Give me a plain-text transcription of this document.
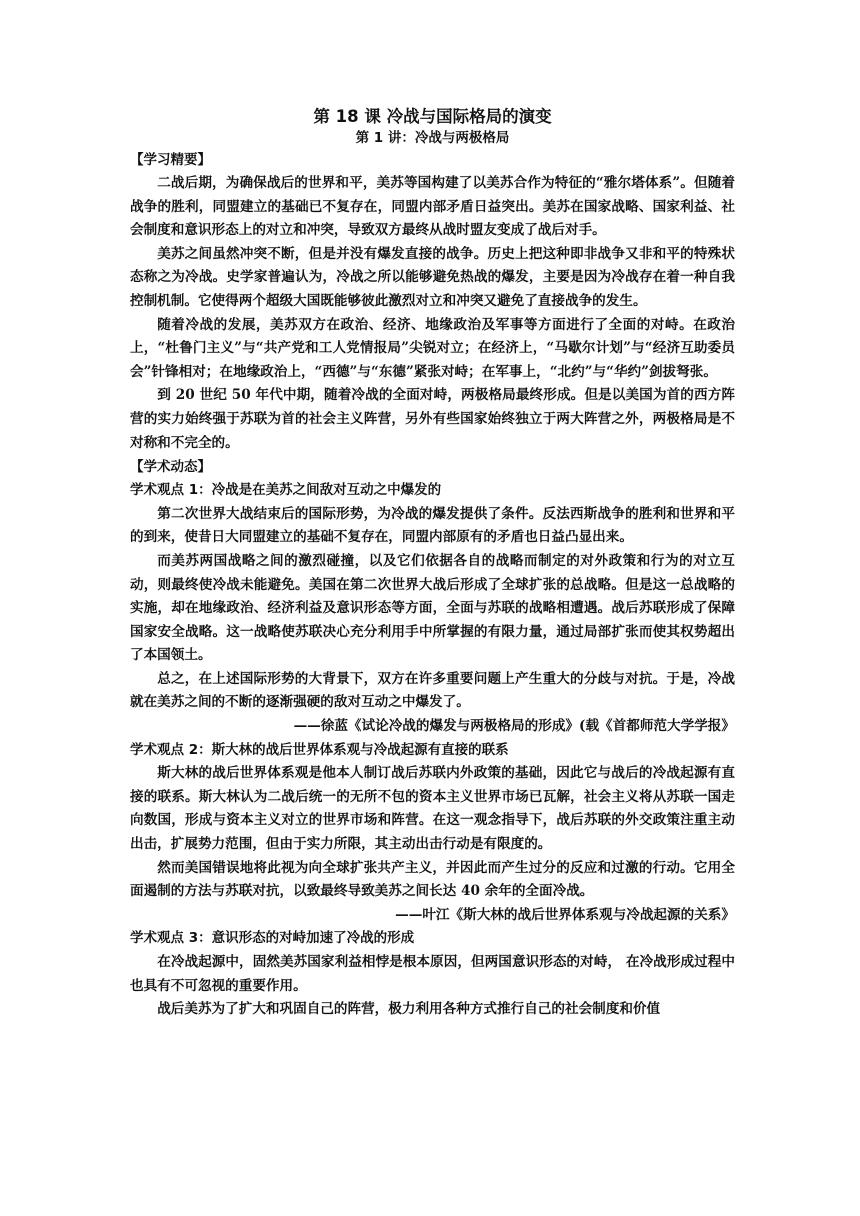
第 18 课 冷战与国际格局的演变

第 1 讲：冷战与两极格局

【学习精要】

二战后期，为确保战后的世界和平，美苏等国构建了以美苏合作为特征的“雅尔塔体系”。但随着战争的胜利，同盟建立的基础已不复存在，同盟内部矛盾日益突出。美苏在国家战略、国家利益、社会制度和意识形态上的对立和冲突，导致双方最终从战时盟友变成了战后对手。

美苏之间虽然冲突不断，但是并没有爆发直接的战争。历史上把这种即非战争又非和平的特殊状态称之为冷战。史学家普遍认为，冷战之所以能够避免热战的爆发，主要是因为冷战存在着一种自我控制机制。它使得两个超级大国既能够彼此激烈对立和冲突又避免了直接战争的发生。

随着冷战的发展，美苏双方在政治、经济、地缘政治及军事等方面进行了全面的对峙。在政治上，“杜鲁门主义”与“共产党和工人党情报局”尖锐对立；在经济上，“马歇尔计划”与“经济互助委员会”针锋相对；在地缘政治上，“西德”与“东德”紧张对峙；在军事上，“北约”与“华约”剑拔弩张。

到 20 世纪 50 年代中期，随着冷战的全面对峙，两极格局最终形成。但是以美国为首的西方阵营的实力始终强于苏联为首的社会主义阵营，另外有些国家始终独立于两大阵营之外，两极格局是不对称和不完全的。

【学术动态】

学术观点 1：冷战是在美苏之间敌对互动之中爆发的

第二次世界大战结束后的国际形势，为冷战的爆发提供了条件。反法西斯战争的胜利和世界和平的到来，使昔日大同盟建立的基础不复存在，同盟内部原有的矛盾也日益凸显出来。

而美苏两国战略之间的激烈碰撞，以及它们依据各自的战略而制定的对外政策和行为的对立互动，则最终使冷战未能避免。美国在第二次世界大战后形成了全球扩张的总战略。但是这一总战略的实施，却在地缘政治、经济利益及意识形态等方面，全面与苏联的战略相遭遇。战后苏联形成了保障国家安全战略。这一战略使苏联决心充分利用手中所掌握的有限力量，通过局部扩张而使其权势超出了本国领土。

总之，在上述国际形势的大背景下，双方在许多重要问题上产生重大的分歧与对抗。于是，冷战就在美苏之间的不断的逐渐强硬的敌对互动之中爆发了。

——徐蓝《试论冷战的爆发与两极格局的形成》(载《首都师范大学学报》

学术观点 2：斯大林的战后世界体系观与冷战起源有直接的联系

斯大林的战后世界体系观是他本人制订战后苏联内外政策的基础，因此它与战后的冷战起源有直接的联系。斯大林认为二战后统一的无所不包的资本主义世界市场已瓦解，社会主义将从苏联一国走向数国，形成与资本主义对立的世界市场和阵营。在这一观念指导下，战后苏联的外交政策注重主动出击，扩展势力范围，但由于实力所限，其主动出击行动是有限度的。

然而美国错误地将此视为向全球扩张共产主义，并因此而产生过分的反应和过激的行动。它用全面遏制的方法与苏联对抗，以致最终导致美苏之间长达 40 余年的全面冷战。

——叶江《斯大林的战后世界体系观与冷战起源的关系》

学术观点 3：意识形态的对峙加速了冷战的形成

在冷战起源中，固然美苏国家利益相悖是根本原因，但两国意识形态的对峙， 在冷战形成过程中也具有不可忽视的重要作用。

战后美苏为了扩大和巩固自己的阵营，极力利用各种方式推行自己的社会制度和价值
